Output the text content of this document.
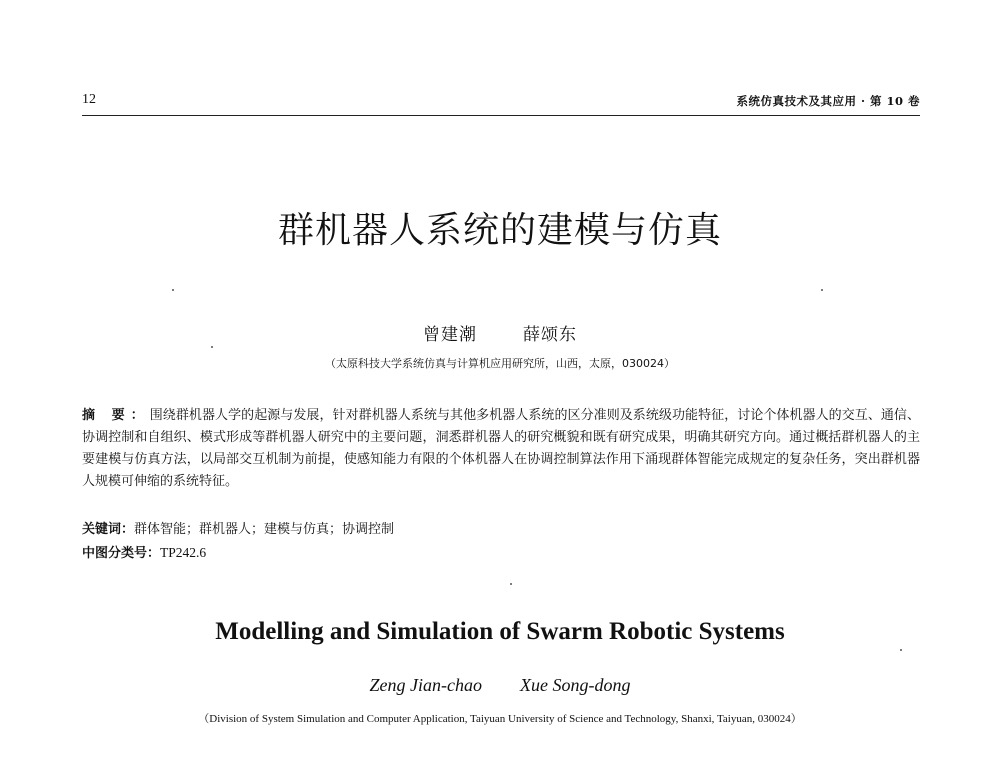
12	系统仿真技术及其应用 · 第 10 卷
群机器人系统的建模与仿真
曾建潮	薛颂东
（太原科技大学系统仿真与计算机应用研究所，山西，太原，030024）
摘 要：围绕群机器人学的起源与发展，针对群机器人系统与其他多机器人系统的区分准则及系统级功能特征，讨论个体机器人的交互、通信、协调控制和自组织、模式形成等群机器人研究中的主要问题，洞悉群机器人的研究概貌和既有研究成果，明确其研究方向。通过概括群机器人的主要建模与仿真方法，以局部交互机制为前提，使感知能力有限的个体机器人在协调控制算法作用下涌现群体智能完成规定的复杂任务，突出群机器人规模可伸缩的系统特征。
关键词：群体智能；群机器人；建模与仿真；协调控制
中图分类号：TP242.6
Modelling and Simulation of Swarm Robotic Systems
Zeng Jian-chao Xue Song-dong
（Division of System Simulation and Computer Application, Taiyuan University of Science and Technology, Shanxi, Taiyuan, 030024）
